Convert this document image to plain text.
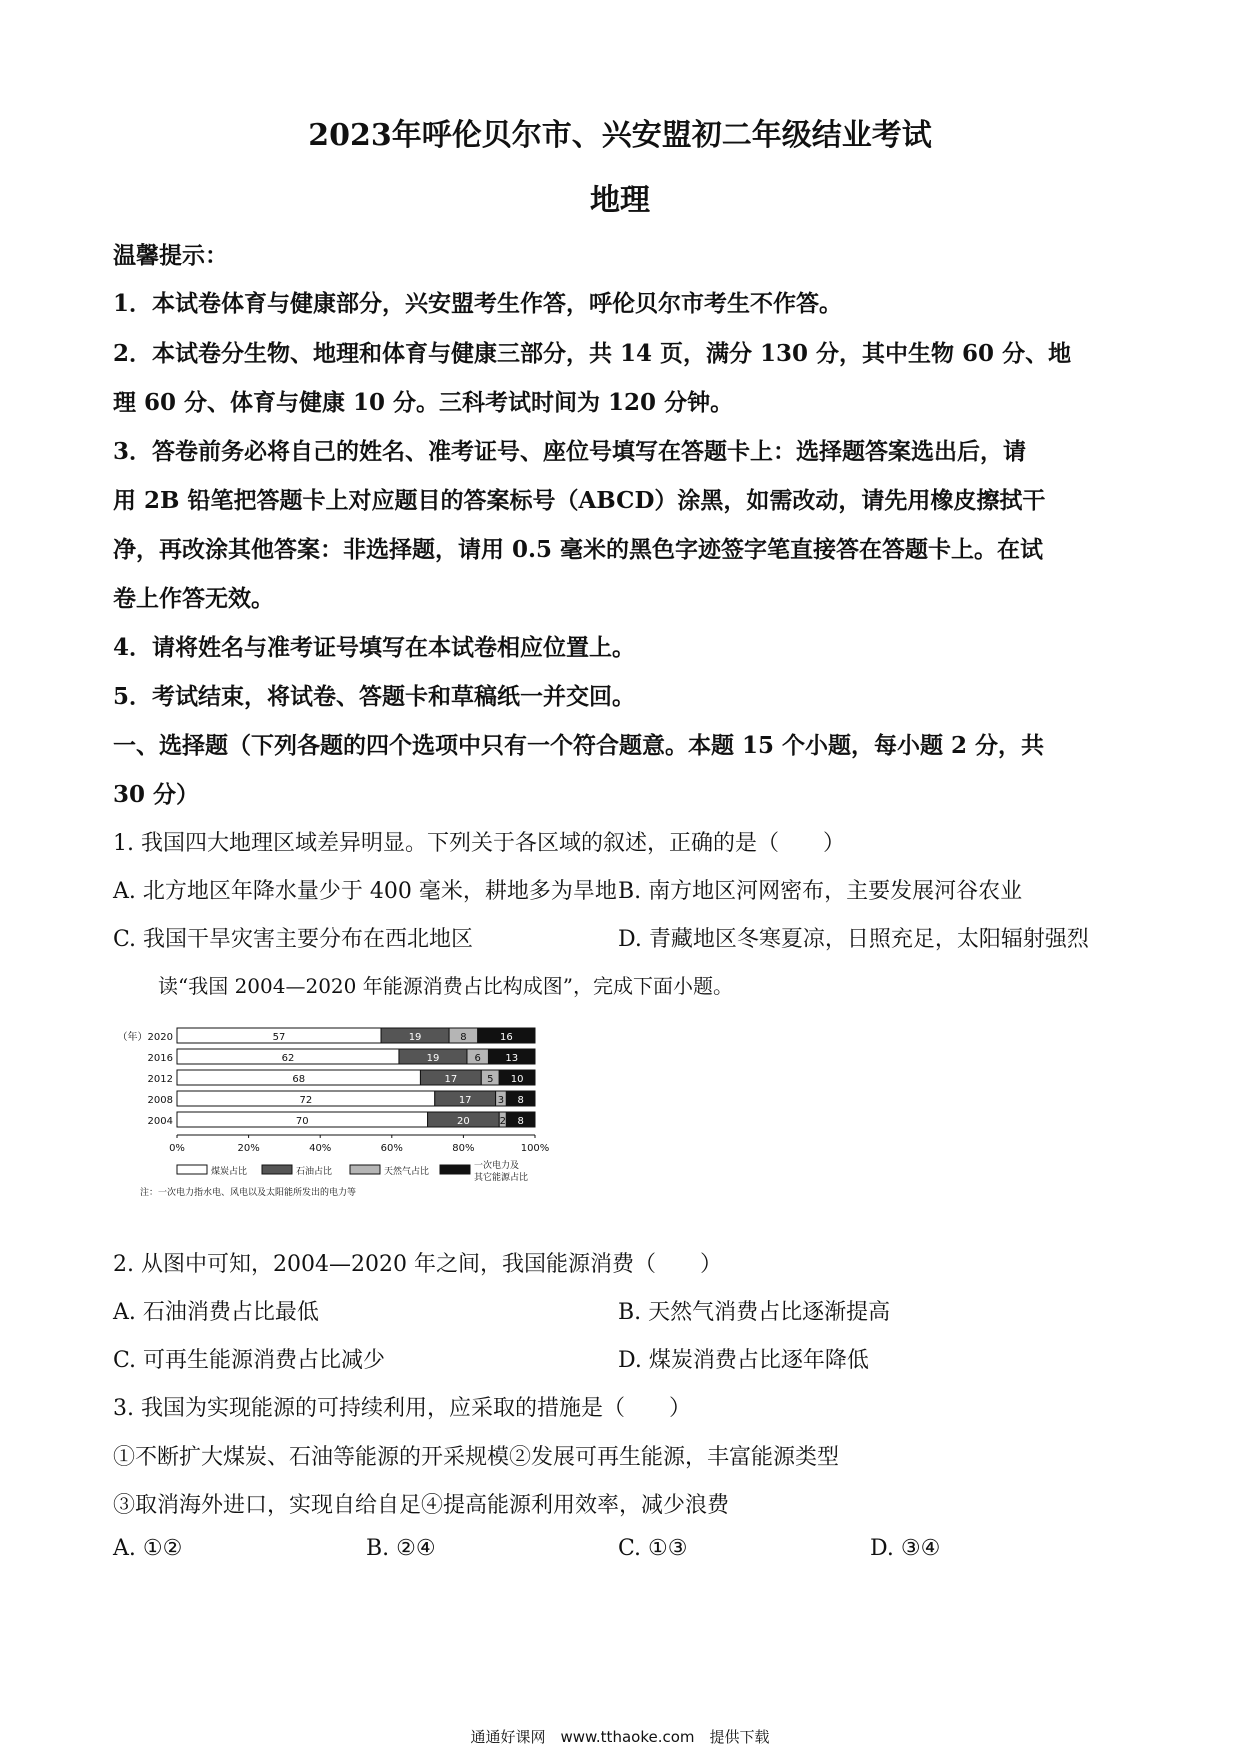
2023年呼伦贝尔市、兴安盟初二年级结业考试
地理
温馨提示：
1．本试卷体育与健康部分，兴安盟考生作答，呼伦贝尔市考生不作答。
2．本试卷分生物、地理和体育与健康三部分，共 14 页，满分 130 分，其中生物 60 分、地
理 60 分、体育与健康 10 分。三科考试时间为 120 分钟。
3．答卷前务必将自己的姓名、准考证号、座位号填写在答题卡上：选择题答案选出后，请
用 2B 铅笔把答题卡上对应题目的答案标号（ABCD）涂黑，如需改动，请先用橡皮擦拭干
净，再改涂其他答案：非选择题，请用 0.5 毫米的黑色字迹签字笔直接答在答题卡上。在试
卷上作答无效。
4．请将姓名与准考证号填写在本试卷相应位置上。
5．考试结束，将试卷、答题卡和草稿纸一并交回。
一、选择题（下列各题的四个选项中只有一个符合题意。本题 15 个小题，每小题 2 分，共
30 分）
1. 我国四大地理区域差异明显。下列关于各区域的叙述，正确的是（　　）
A. 北方地区年降水量少于 400 毫米，耕地多为旱地 B. 南方地区河网密布，主要发展河谷农业
C. 我国干旱灾害主要分布在西北地区	D. 青藏地区冬寒夏凉，日照充足，太阳辐射强烈
读“我国 2004—2020 年能源消费占比构成图”，完成下面小题。
（年）2020	57	19	8	16
2016	62	19	6 13
2012	68	17	5 10
2008	72	17	3 8
2004	70	20	2 8
0%	20%	40%	60%	80%	100%
煤炭占比	石油占比	天然气占比
一次电力及
其它能源占比
注：一次电力指水电、风电以及太阳能所发出的电力等
2. 从图中可知，2004—2020 年之间，我国能源消费（　　）
A. 石油消费占比最低	B. 天然气消费占比逐渐提高
C. 可再生能源消费占比减少	D. 煤炭消费占比逐年降低
3. 我国为实现能源的可持续利用，应采取的措施是（　　）
①不断扩大煤炭、石油等能源的开采规模②发展可再生能源，丰富能源类型
③取消海外进口，实现自给自足④提高能源利用效率，减少浪费
A. ①②	B. ②④	C. ①③	D. ③④
通通好课网　www.tthaoke.com　提供下载
